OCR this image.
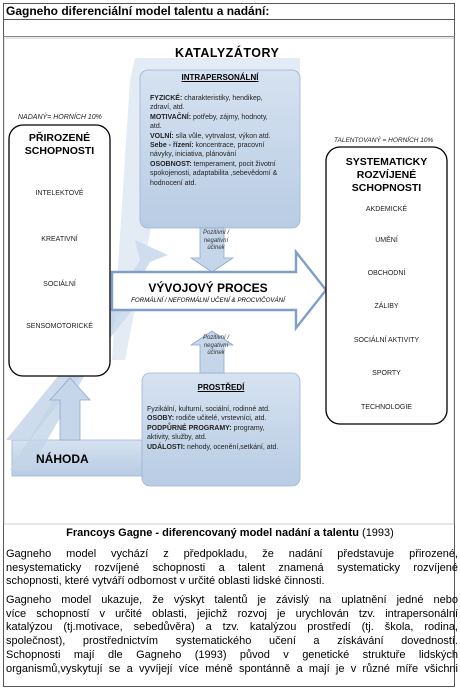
Gagneho diferenciální model talentu a nadání:
KATALYZÁTORY
INTRAPERSONÁLNÍ
FYZICKÉ: charakteristiky, hendikep,
zdraví, atd.
MOTIVAČNÍ: potřeby, zájmy, hodnoty,
atd.
VOLNÍ: síla vůle, vytrvalost, výkon atd.
Sebe - řízení: koncentrace, pracovní
návyky, iniciativa, plánování
OSOBNOST: temperament, pocit životní
spokojenosti, adaptabilita ,sebevědomí &
hodnocení atd.
PROSTŘEDÍ
Fyzikální, kulturní, sociální, rodinné atd.
OSOBY: rodiče učitelé, vrstevníci, atd.
PODPŮRNÉ PROGRAMY: programy,
aktivity, služby, atd.
UDÁLOSTI: nehody, ocenění,setkání, atd.
NADANÝ= HORNÍCH 10%
TALENTOVANÝ = HORNÍCH 10%
PŘIROZENÉ
SCHOPNOSTI
INTELEKTOVÉ
KREATIVNÍ
SOCIÁLNÍ
SENSOMOTORICKÉ
SYSTEMATICKY
ROZVÍJENÉ SCHOPNOSTI
AKDEMICKÉ
UMĚNÍ
OBCHODNÍ
ZÁLIBY
SOCIÁLNÍ AKTIVITY
SPORTY
TECHNOLOGIE
VÝVOJOVÝ PROCES
FORMÁLNÍ / NEFORMÁLNÍ UČENÍ & PROCVIČOVÁNÍ
Pozitivní /
negativní
účinek
Pozitivní /
negativní
účinek
NÁHODA
Francoys Gagne - diferencovaný model nadání a talentu (1993)
Gagneho model vychází z předpokladu, že nadání představuje přirozené,
nesystematicky rozvíjené schopnosti a talent znamená systematicky rozvíjené
schopnosti, které vytváří odbornost v určité oblasti lidské činnosti.
Gagneho model ukazuje, že výskyt talentů je závislý na uplatnění jedné nebo
více schopností v určité oblasti, jejichž rozvoj je urychlován tzv. intrapersonální
katalýzou (tj.motivace, sebedůvěra) a tzv. katalýzou prostředí (tj. škola, rodina,
společnost), prostřednictvím systematického učení a získávání dovedností.
Schopnosti mají dle Gagneho (1993) původ v genetické struktuře lidských
organismů,vyskytují se a vyvíjejí více méně spontánně a mají je v různé míře všichni
